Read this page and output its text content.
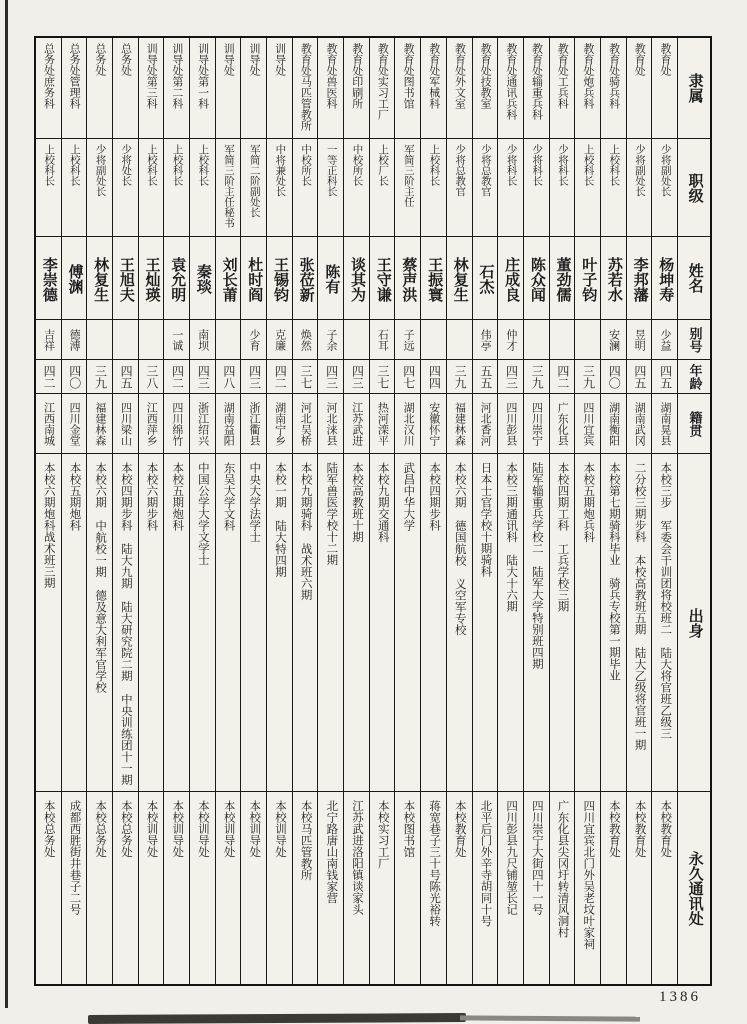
隶属
职级
姓名
别号
年龄
籍贯
出身
永久通讯处
教育处
少将副处长
杨坤寿
少益
四五
湖南晃县
本校三步 军委会干训团将校班二 陆大将官班乙级三
本校教育处
教育处
少将副处长
李邦藩
昱明
四五
湖南武冈
二分校三期步科 本校高教班五期 陆大乙级将官班一期
本校教育处
教育处骑兵科
上校科长
苏若水
安澜
四〇
湖南衡阳
本校第七期骑科毕业 骑兵专校第一期毕业
本校教育处
教育处炮兵科
上校科长
叶子钧
三九
四川宜宾
本校五期炮兵科
四川宜宾北门外吴老坟叶家祠
教育处工兵科
少将科长
董劲儒
四二
广东化县
本校四期工科 工兵学校三期
广东化县尖冈圩转清风洞村
教育处辎重兵科
少将科长
陈众闻
三九
四川崇宁
陆军辎重兵学校二 陆军大学特别班四期
四川崇宁大街四十一号
教育处通讯兵科
少将科长
庄成良
仲才
四三
四川彭县
本校三期通讯科 陆大十六期
四川彭县九尺铺堃长记
教育处技教室
少将总教官
石杰
伟亭
五五
河北香河
日本士官学校十期骑科
北平后门外辛寺胡同十号
教育处外文室
少将总教官
林复生
三九
福建林森
本校六期 德国航校 义空军专校
本校教育处
教育处军械科
上校科长
王振寰
四四
安徽怀宁
本校四期步科
蒋宽巷子三十号陈光裕转
教育处图书馆
军简三阶主任
蔡声洪
子远
四七
湖北汉川
武昌中华大学
本校图书馆
教育处实习工厂
上校厂长
王守谦
石耳
三七
热河滦平
本校九期交通科
本校实习工厂
教育处印刷所
中校所长
谈其为
四三
江苏武进
本校高教班十期
江苏武进洛阳镇谈家头
教育处兽医科
一等正科长
陈有
子余
四三
河北涞县
陆军兽医学校十二期
北宁路唐山南钱家营
教育处马匹管教所
中校所长
张莅新
焕然
三七
河北吴桥
本校九期骑科 战术班六期
本校马匹管教所
训导处
中将兼处长
王锡钧
克廉
四二
湖南宁乡
本校一期 陆大特四期
本校训导处
训导处
军简二阶副处长
杜时阎
少育
四三
浙江衢县
中央大学法学士
本校训导处
训导处
军简三阶主任秘书
刘长莆
四八
湖南益阳
东吴大学文科
本校训导处
训导处第一科
上校科长
秦琰
南坝
四三
浙江绍兴
中国公学大学文学士
本校训导处
训导处第二科
上校科长
袁允明
一诚
四二
四川绵竹
本校五期炮科
本校训导处
训导处第三科
上校科长
王灿瑛
三八
江西萍乡
本校六期步科
本校训导处
总务处
少将处长
王旭夫
四五
四川梁山
本校四期步科 陆大九期 陆大研究院二期 中央训练团十一期
本校总务处
总务处
少将副处长
林复生
三九
福建林森
本校六期 中航校一期 德及意大利军官学校
本校总务处
总务处管理科
上校科长
傅渊
德溥
四〇
四川金堂
本校五期炮科
成都西胜街井巷子二号
总务处庶务科
上校科长
李崇德
吉祥
四二
江西南城
本校六期炮科战术班三期
本校总务处
1386
